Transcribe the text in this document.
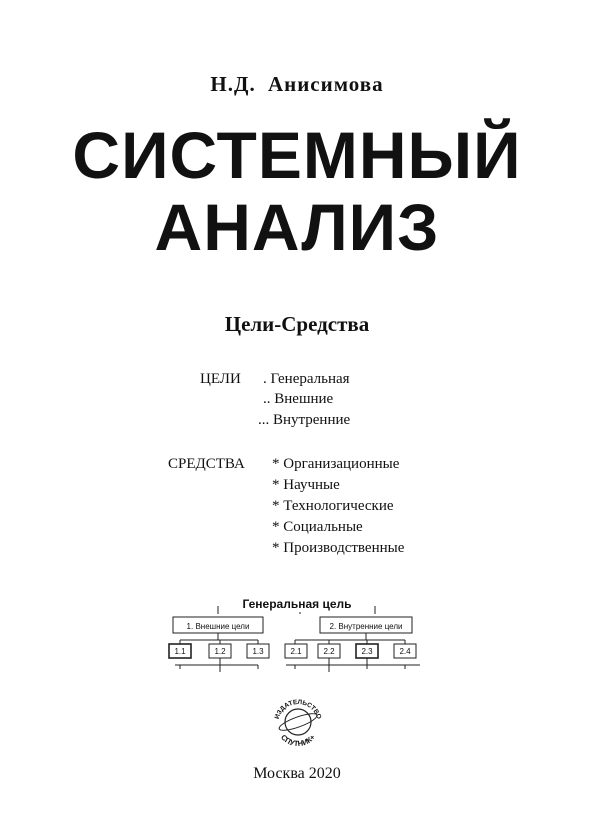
Н.Д. Анисимова
СИСТЕМНЫЙ
АНАЛИЗ
Цели-Средства
ЦЕЛИ . Генеральная
.. Внешние
... Внутренние
СРЕДСТВА * Организационные
* Научные
* Технологические
* Социальные
* Производственные
Генеральная цель
1. Внешние цели	2. Внутренние цели
1.1	1.2	1.3	2.1	2.2	2.3	2.4
ИЗДАТЕЛЬСТВО
СПУТНИК+
Москва 2020
